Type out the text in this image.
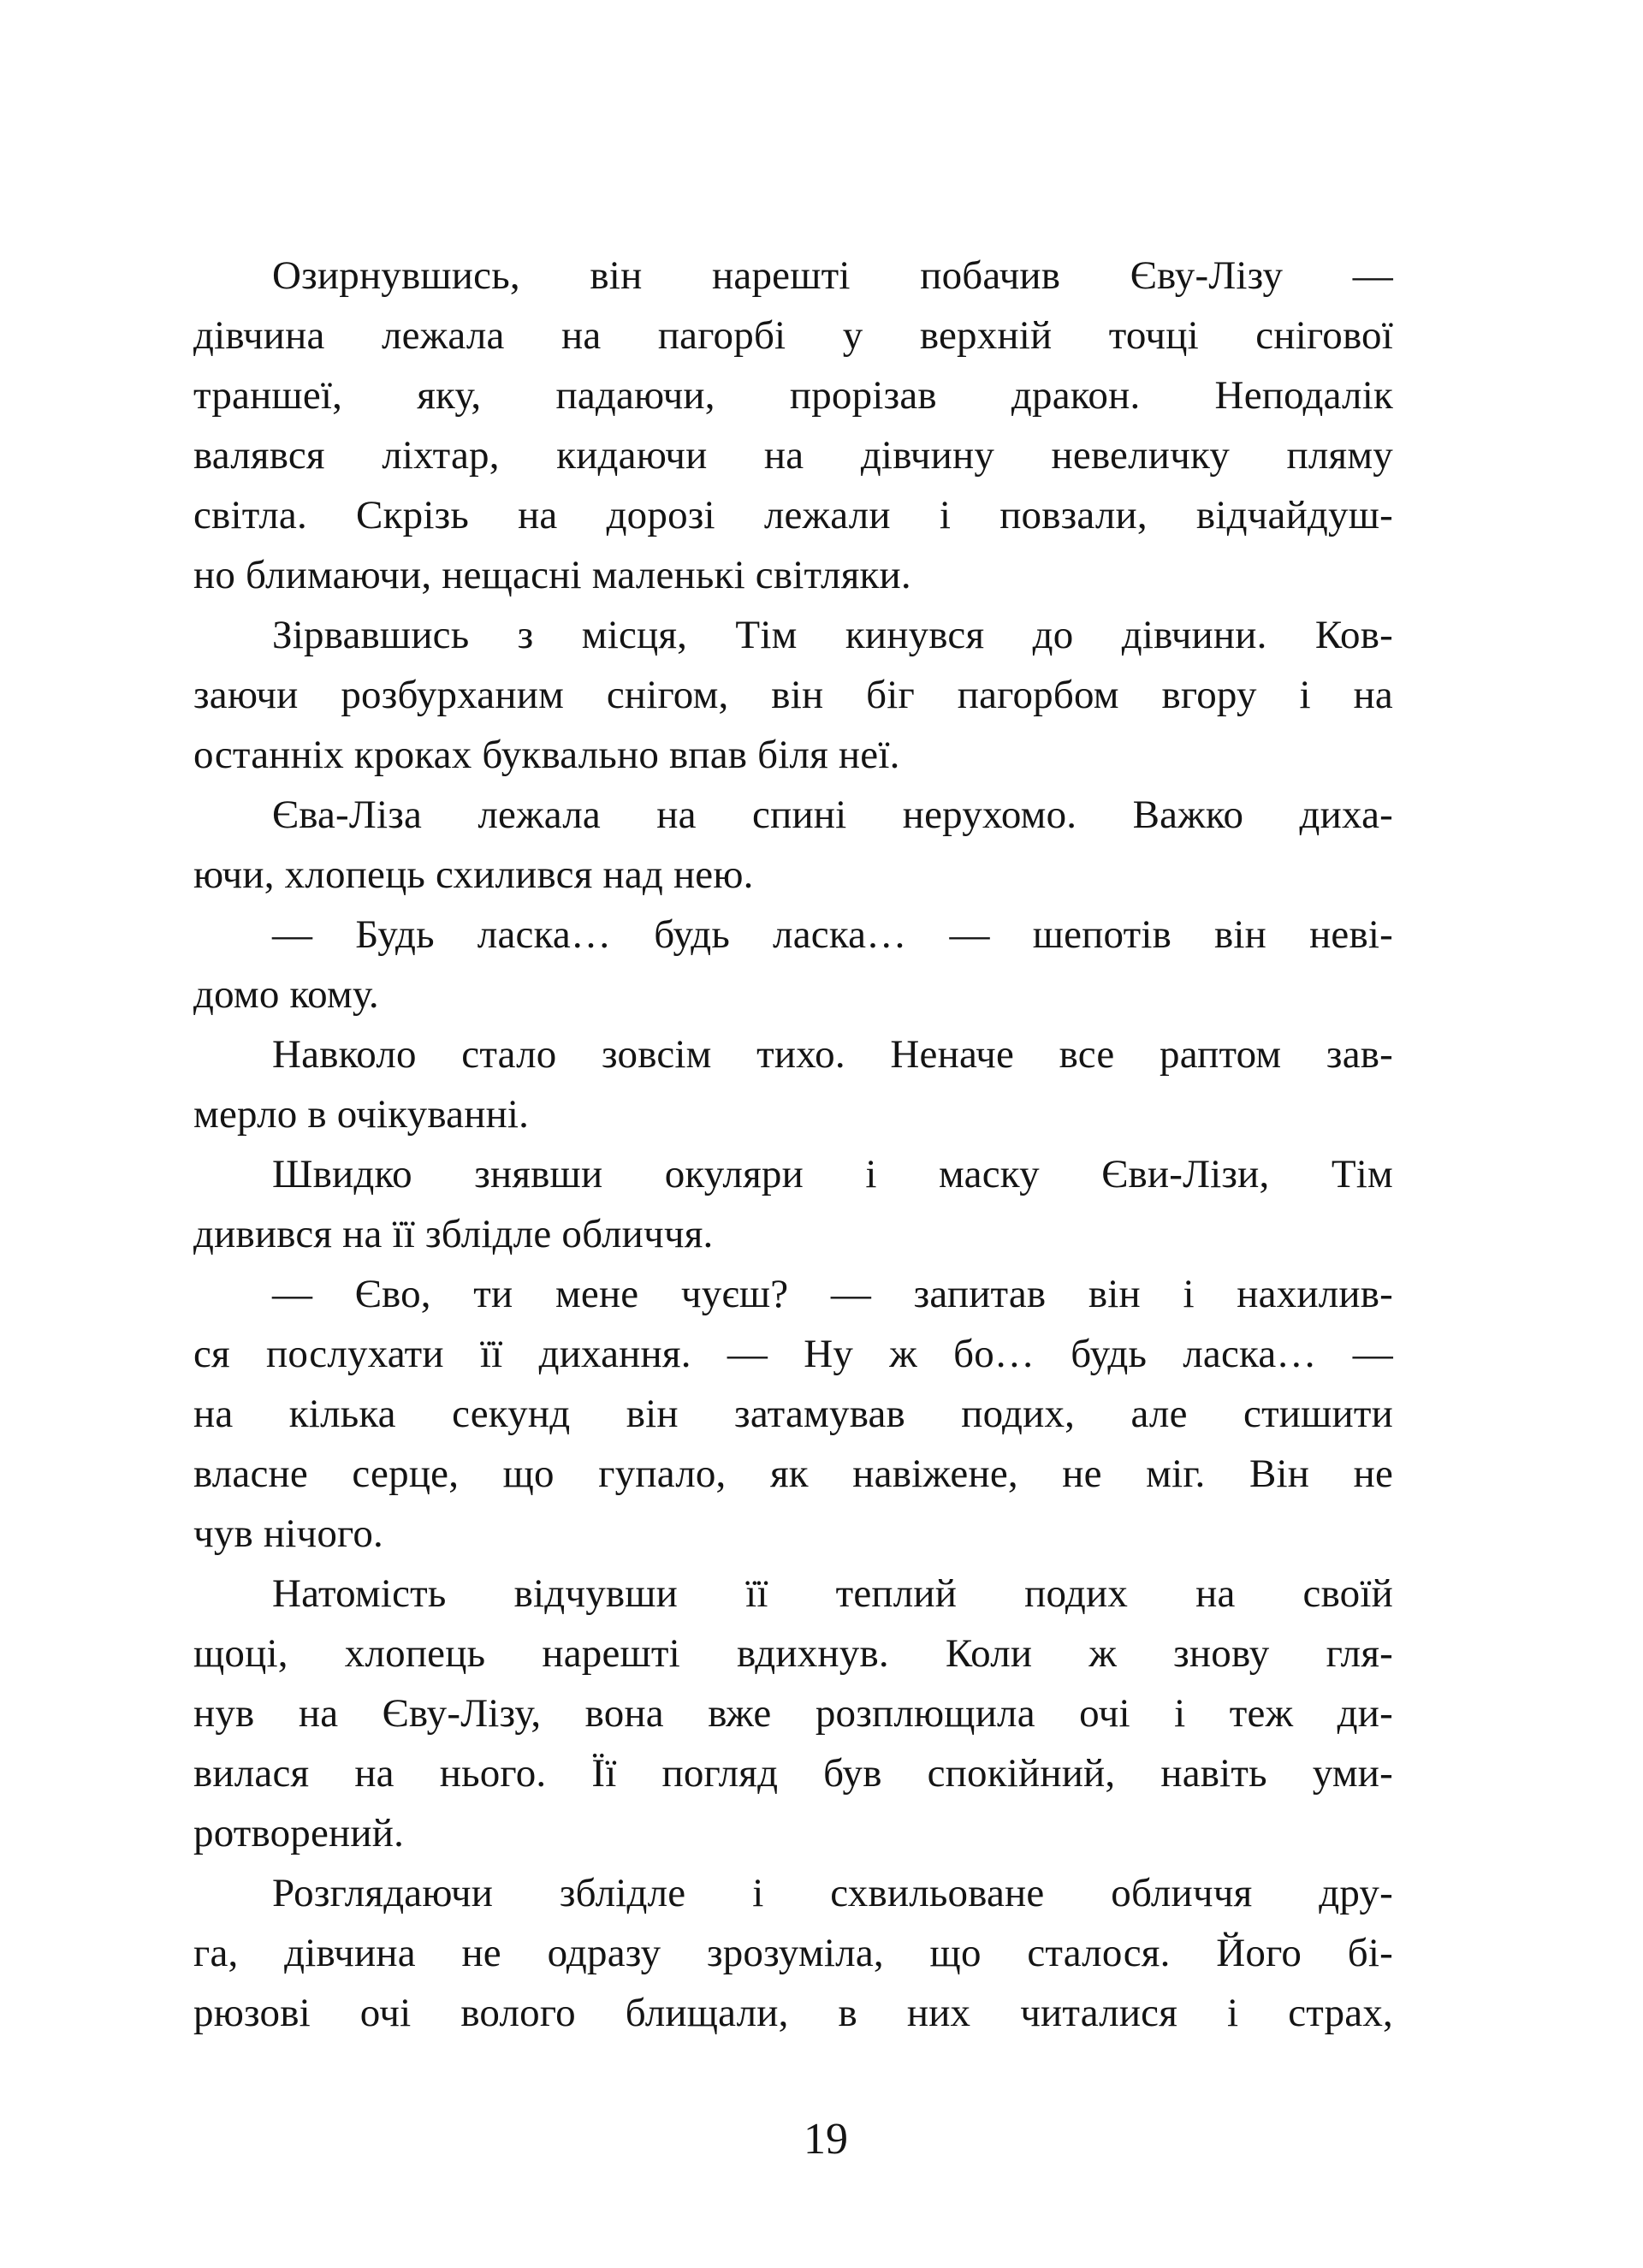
Озирнувшись, він нарешті побачив Єву-Лізу —
дівчина лежала на пагорбі у верхній точці снігової
траншеї, яку, падаючи, прорізав дракон. Неподалік
валявся ліхтар, кидаючи на дівчину невеличку пляму
світла. Скрізь на дорозі лежали і повзали, відчайдуш-
но блимаючи, нещасні маленькі світляки.
Зірвавшись з місця, Тім кинувся до дівчини. Ков-
заючи розбурханим снігом, він біг пагорбом вгору і на
останніх кроках буквально впав біля неї.
Єва-Ліза лежала на спині нерухомо. Важко диха-
ючи, хлопець схилився над нею.
— Будь ласка… будь ласка… — шепотів він неві-
домо кому.
Навколо стало зовсім тихо. Неначе все раптом зав-
мерло в очікуванні.
Швидко знявши окуляри і маску Єви-Лізи, Тім
дивився на її зблідле обличчя.
— Єво, ти мене чуєш? — запитав він і нахилив-
ся послухати її дихання. — Ну ж бо… будь ласка… —
на кілька секунд він затамував подих, але стишити
власне серце, що гупало, як навіжене, не міг. Він не
чув нічого.
Натомість відчувши її теплий подих на своїй
щоці, хлопець нарешті вдихнув. Коли ж знову гля-
нув на Єву-Лізу, вона вже розплющила очі і теж ди-
вилася на нього. Її погляд був спокійний, навіть уми-
ротворений.
Розглядаючи зблідле і схвильоване обличчя дру-
га, дівчина не одразу зрозуміла, що сталося. Його бі-
рюзові очі волого блищали, в них читалися і страх,
19
